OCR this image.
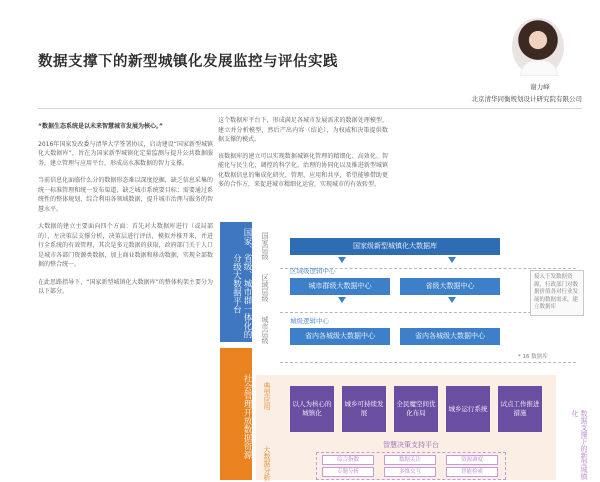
数据支撑下的新型城镇化发展监控与评估实践
谢力峰
北京清华同衡规划设计研究院有限公司

“数据生态系统是以未来智慧城市发展为核心。”

2016年国家发改委与清华大学签署协议，启动建设“国家新型城镇化大数据库”，旨在为国家新型城镇化定量监测与提升公共数据服务，建立管理与应用平台，形成高水准数据的智力支撑。

当前信息化面临什么分的数据形态难以深度挖掘，缺乏信息采集的统一标准管理和统一发布渠道，缺乏城市系统要目标；需要通过系统性的整体规划，综合利用各领域数据，提升城市治理与服务的智慧水平。

大数据的建立主要面向四个方面：首先对大数据库进行（或局部的），左决策层支撑分析，决策层进行评估，模拟并推开来，并进行全系统的有效管理，其次是多元数据的获取，政府部门关于人口是城市各部门资源类数据，加上商业数据和移动数据，实现全部数据的整合统一。

在此思路指导下，“国家新型城镇化大数据库”的整体构架主要分为以下部分。

这个数据库平台下，形成满足各城市发展需求的数据处理模型，建立并分析模型，然后产出内容（结论），为权威和决策提供数据支撑的模式。

该数据库的建立可以实现数据城镇化管理的精细化、高效化、智能化与民生化，调控的科学化。治理的协同化以及推进新型城镇化数据信息的集成化研究、管理、应用和共享，希望能够借助更多的合作方，来促进城市精细化运营，实现城市的有效转型。

国家、省级、城市群一体化的分级大数据平台
社会管理开放数据资源
国家层级
区域层级
城市层级
国家级新型城镇化大数据库
区域级逻辑中心
城市群级大数据中心	省级大数据中心
城级逻辑中心
省内各城级大数据中心	省内各城级大数据中心
接入下发数据资源，行政部门对数据价值各对行业发展的数据需求，建立数据库
* 16 数据库
典型应用	以人为核心的城镇化
城乡可持续发展
全民魔空间优化布局
城乡运行系统
试点工作推进措施
大数据分析
智慧决策支持平台
综合指数	数据关注	资源调度
专题分析	多维交互	智能检索	数据支撑下的新型城镇化
